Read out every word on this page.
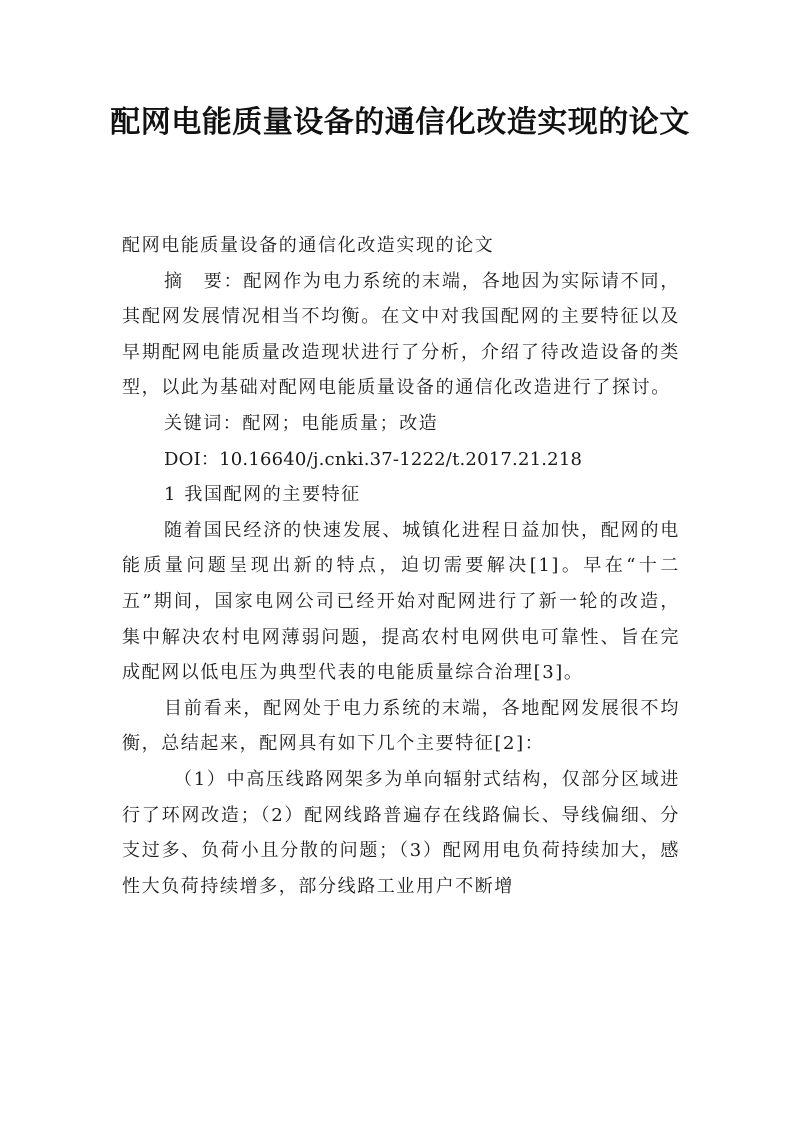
配网电能质量设备的通信化改造实现的论文

配网电能质量设备的通信化改造实现的论文

摘　要：配网作为电力系统的末端，各地因为实际请不同，其配网发展情况相当不均衡。在文中对我国配网的主要特征以及早期配网电能质量改造现状进行了分析，介绍了待改造设备的类型，以此为基础对配网电能质量设备的通信化改造进行了探讨。

关键词：配网；电能质量；改造

DOI：10.16640/j.cnki.37-1222/t.2017.21.218

1 我国配网的主要特征

随着国民经济的快速发展、城镇化进程日益加快，配网的电能质量问题呈现出新的特点，迫切需要解决[1]。早在“十二五”期间，国家电网公司已经开始对配网进行了新一轮的改造，集中解决农村电网薄弱问题，提高农村电网供电可靠性、旨在完成配网以低电压为典型代表的电能质量综合治理[3]。

目前看来，配网处于电力系统的末端，各地配网发展很不均衡，总结起来，配网具有如下几个主要特征[2]：

（1）中高压线路网架多为单向辐射式结构，仅部分区域进行了环网改造；（2）配网线路普遍存在线路偏长、导线偏细、分支过多、负荷小且分散的问题；（3）配网用电负荷持续加大，感性大负荷持续增多，部分线路工业用户不断增
